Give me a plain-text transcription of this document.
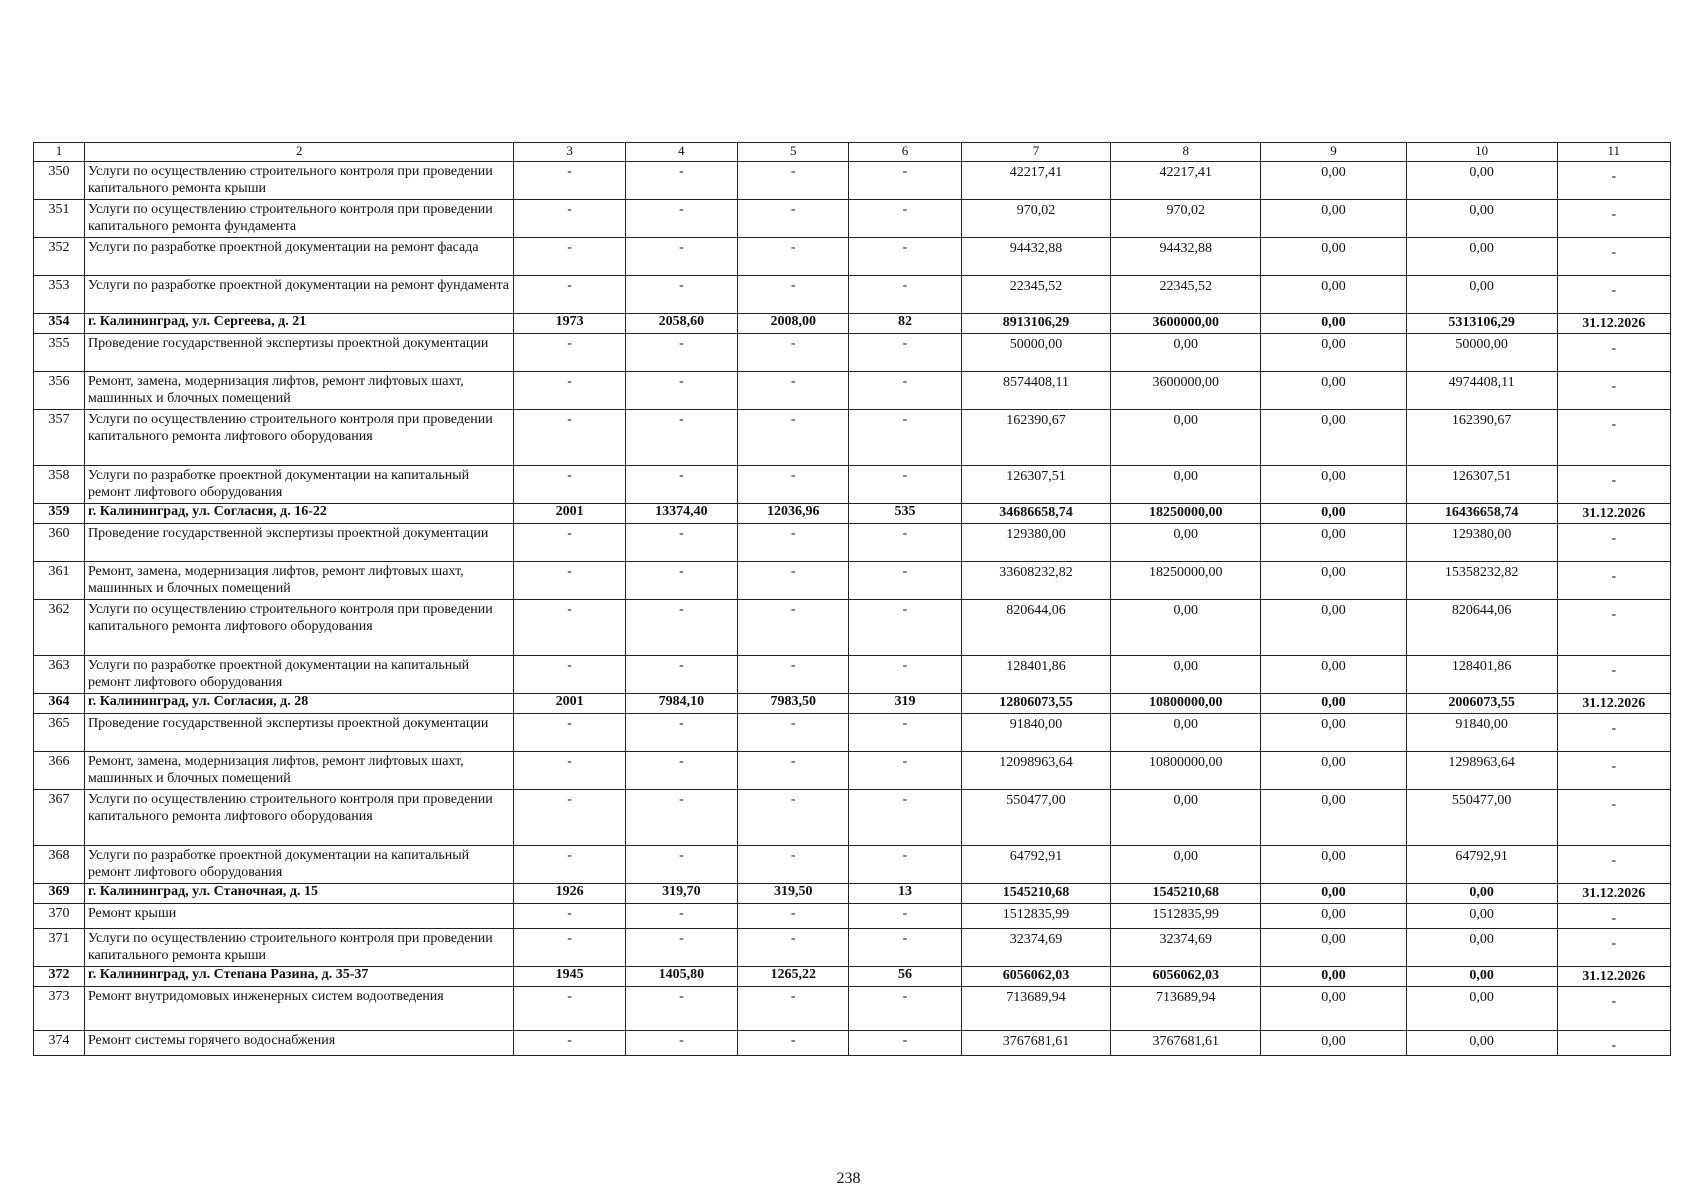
1	2	3	4	5	6	7	8	9	10	11
350	Услуги по осуществлению строительного контроля при проведении капитального ремонта крыши	-	-	-	-	42217,41	42217,41	0,00	0,00	-
351	Услуги по осуществлению строительного контроля при проведении капитального ремонта фундамента	-	-	-	-	970,02	970,02	0,00	0,00	-
352	Услуги по разработке проектной документации на ремонт фасада	-	-	-	-	94432,88	94432,88	0,00	0,00	-
353	Услуги по разработке проектной документации на ремонт фундамента	-	-	-	-	22345,52	22345,52	0,00	0,00	-
354	г. Калининград, ул. Сергеева, д. 21	1973	2058,60	2008,00	82	8913106,29	3600000,00	0,00	5313106,29	31.12.2026
355	Проведение государственной экспертизы проектной документации	-	-	-	-	50000,00	0,00	0,00	50000,00	-
356	Ремонт, замена, модернизация лифтов, ремонт лифтовых шахт, машинных и блочных помещений	-	-	-	-	8574408,11	3600000,00	0,00	4974408,11	-
357	Услуги по осуществлению строительного контроля при проведении капитального ремонта лифтового оборудования	-	-	-	-	162390,67	0,00	0,00	162390,67	-
358	Услуги по разработке проектной документации на капитальный ремонт лифтового оборудования	-	-	-	-	126307,51	0,00	0,00	126307,51	-
359	г. Калининград, ул. Согласия, д. 16-22	2001	13374,40	12036,96	535	34686658,74	18250000,00	0,00	16436658,74	31.12.2026
360	Проведение государственной экспертизы проектной документации	-	-	-	-	129380,00	0,00	0,00	129380,00	-
361	Ремонт, замена, модернизация лифтов, ремонт лифтовых шахт, машинных и блочных помещений	-	-	-	-	33608232,82	18250000,00	0,00	15358232,82	-
362	Услуги по осуществлению строительного контроля при проведении капитального ремонта лифтового оборудования	-	-	-	-	820644,06	0,00	0,00	820644,06	-
363	Услуги по разработке проектной документации на капитальный ремонт лифтового оборудования	-	-	-	-	128401,86	0,00	0,00	128401,86	-
364	г. Калининград, ул. Согласия, д. 28	2001	7984,10	7983,50	319	12806073,55	10800000,00	0,00	2006073,55	31.12.2026
365	Проведение государственной экспертизы проектной документации	-	-	-	-	91840,00	0,00	0,00	91840,00	-
366	Ремонт, замена, модернизация лифтов, ремонт лифтовых шахт, машинных и блочных помещений	-	-	-	-	12098963,64	10800000,00	0,00	1298963,64	-
367	Услуги по осуществлению строительного контроля при проведении капитального ремонта лифтового оборудования	-	-	-	-	550477,00	0,00	0,00	550477,00	-
368	Услуги по разработке проектной документации на капитальный ремонт лифтового оборудования	-	-	-	-	64792,91	0,00	0,00	64792,91	-
369	г. Калининград, ул. Станочная, д. 15	1926	319,70	319,50	13	1545210,68	1545210,68	0,00	0,00	31.12.2026
370	Ремонт крыши	-	-	-	-	1512835,99	1512835,99	0,00	0,00	-
371	Услуги по осуществлению строительного контроля при проведении капитального ремонта крыши	-	-	-	-	32374,69	32374,69	0,00	0,00	-
372	г. Калининград, ул. Степана Разина, д. 35-37	1945	1405,80	1265,22	56	6056062,03	6056062,03	0,00	0,00	31.12.2026
373	Ремонт внутридомовых инженерных систем водоотведения	-	-	-	-	713689,94	713689,94	0,00	0,00	-
374	Ремонт системы горячего водоснабжения	-	-	-	-	3767681,61	3767681,61	0,00	0,00	-
238
